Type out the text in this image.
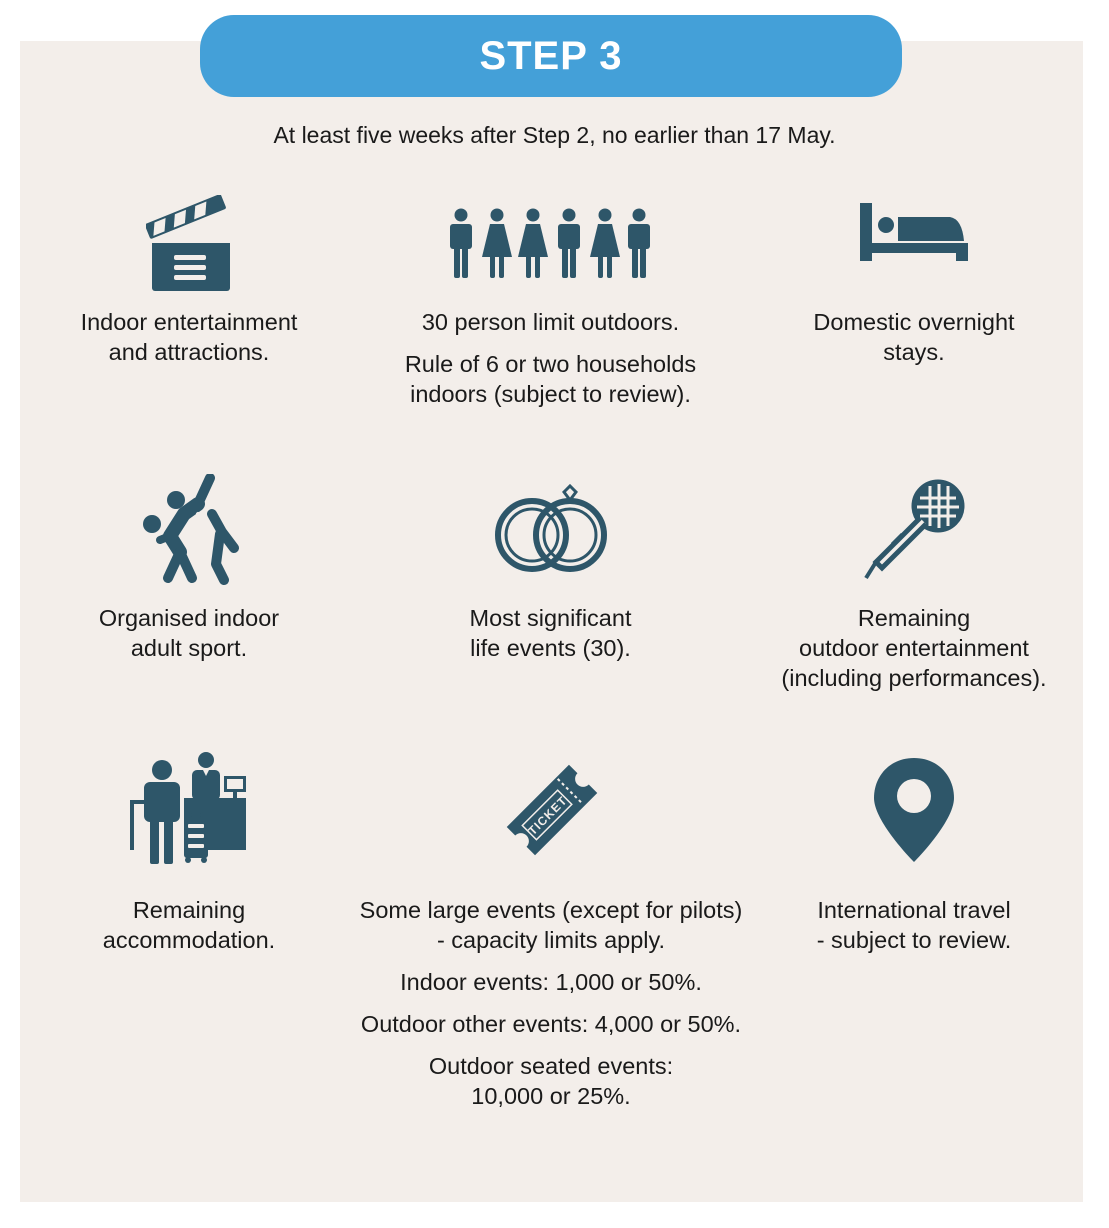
STEP 3
At least five weeks after Step 2, no earlier than 17 May.

Indoor entertainment

and attractions.

30 person limit outdoors.

Rule of 6 or two households

indoors (subject to review).

Domestic overnight

stays.

Organised indoor

adult sport.

Most significant

life events (30).

Remaining

outdoor entertainment

(including performances).

Remaining

accommodation.

TICKET

Some large events (except for pilots)

- capacity limits apply.

Indoor events: 1,000 or 50%.

Outdoor other events: 4,000 or 50%.

Outdoor seated events:

10,000 or 25%.

International travel

- subject to review.
